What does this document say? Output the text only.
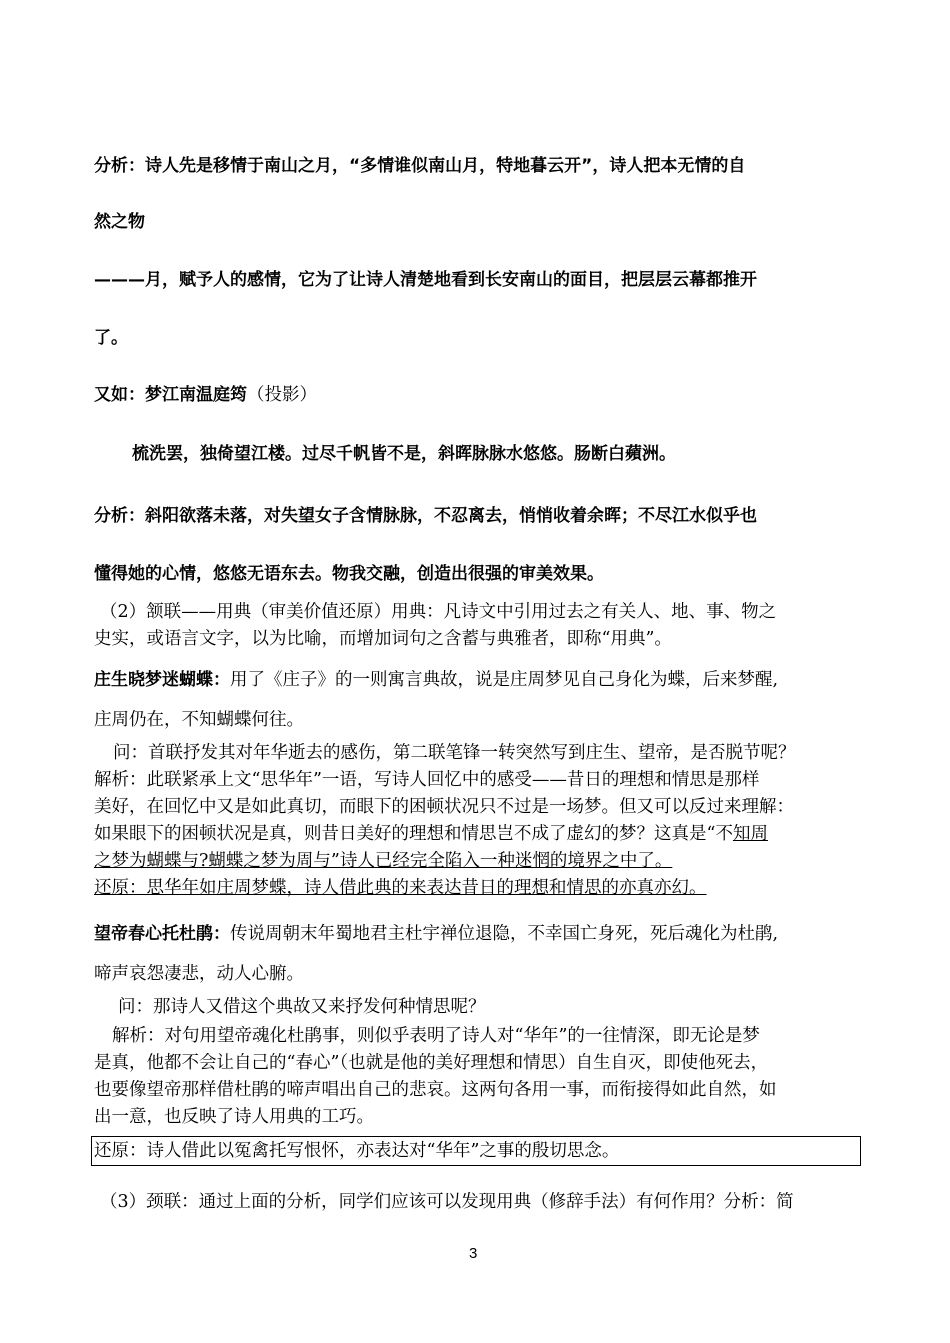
分析：诗人先是移情于南山之月，“多情谁似南山月，特地暮云开”，诗人把本无情的自
然之物
———月，赋予人的感情，它为了让诗人清楚地看到长安南山的面目，把层层云幕都推开
了。
又如：梦江南温庭筠（投影）
梳洗罢，独倚望江楼。过尽千帆皆不是，斜晖脉脉水悠悠。肠断白蘋洲。
分析：斜阳欲落未落，对失望女子含情脉脉，不忍离去，悄悄收着余晖；不尽江水似乎也
懂得她的心情，悠悠无语东去。物我交融，创造出很强的审美效果。
（2）颔联——用典（审美价值还原）用典：凡诗文中引用过去之有关人、地、事、物之
史实，或语言文字，以为比喻，而增加词句之含蓄与典雅者，即称“用典”。
庄生晓梦迷蝴蝶：用了《庄子》的一则寓言典故，说是庄周梦见自己身化为蝶，后来梦醒,
庄周仍在，不知蝴蝶何往。
问：首联抒发其对年华逝去的感伤，第二联笔锋一转突然写到庄生、望帝，是否脱节呢？
解析：此联紧承上文“思华年”一语，写诗人回忆中的感受——昔日的理想和情思是那样
美好，在回忆中又是如此真切，而眼下的困顿状况只不过是一场梦。但又可以反过来理解：
如果眼下的困顿状况是真，则昔日美好的理想和情思岂不成了虚幻的梦？这真是“不知周
之梦为蝴蝶与?蝴蝶之梦为周与”诗人已经完全陷入一种迷惘的境界之中了。
还原：思华年如庄周梦蝶，诗人借此典的来表达昔日的理想和情思的亦真亦幻。
望帝春心托杜鹃：传说周朝末年蜀地君主杜宇禅位退隐，不幸国亡身死，死后魂化为杜鹃,
啼声哀怨凄悲，动人心腑。
问：那诗人又借这个典故又来抒发何种情思呢？
解析：对句用望帝魂化杜鹃事，则似乎表明了诗人对“华年”的一往情深，即无论是梦
是真，他都不会让自己的“春心”（也就是他的美好理想和情思）自生自灭，即使他死去，
也要像望帝那样借杜鹃的啼声唱出自己的悲哀。这两句各用一事，而衔接得如此自然，如
出一意，也反映了诗人用典的工巧。
还原：诗人借此以冤禽托写恨怀，亦表达对“华年”之事的殷切思念。
（3）颈联：通过上面的分析，同学们应该可以发现用典（修辞手法）有何作用？分析：简
3
